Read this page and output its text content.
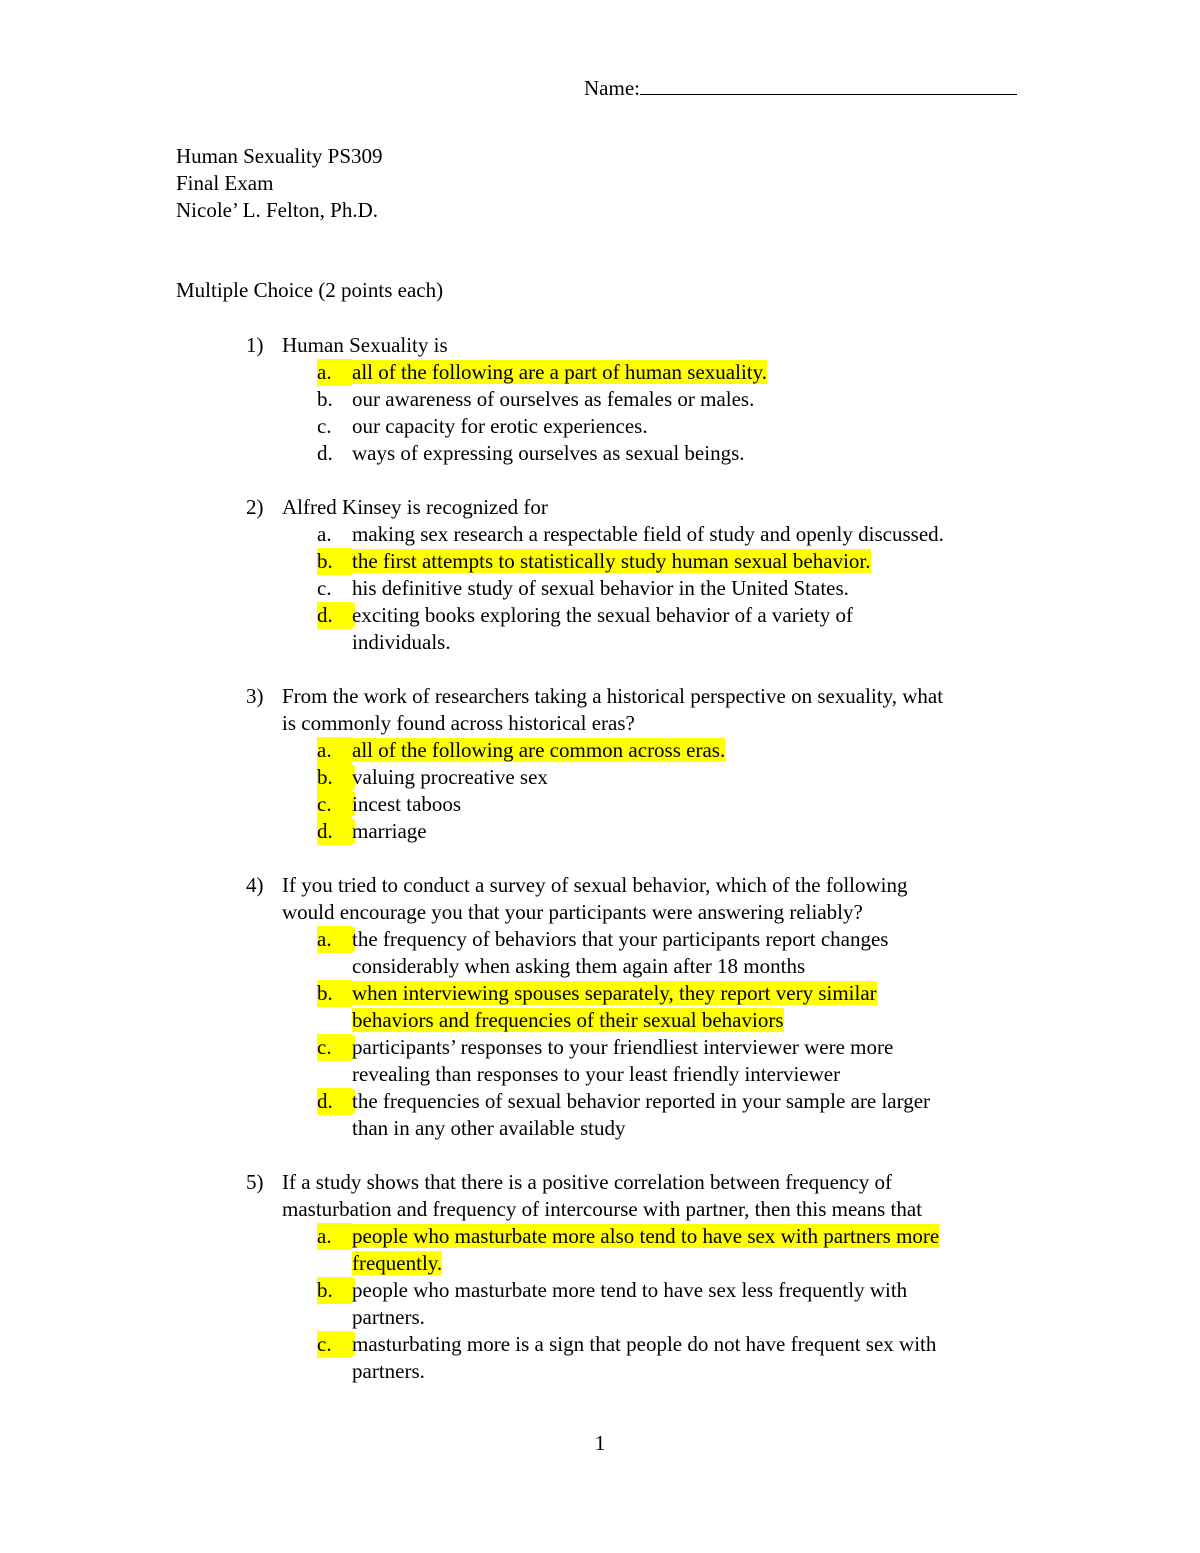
Name:
Human Sexuality PS309
Final Exam
Nicole’ L. Felton, Ph.D.
Multiple Choice (2 points each)
1) Human Sexuality is
a. all of the following are a part of human sexuality.
b. our awareness of ourselves as females or males.
c. our capacity for erotic experiences.
d. ways of expressing ourselves as sexual beings.
2) Alfred Kinsey is recognized for
a. making sex research a respectable field of study and openly discussed.
b. the first attempts to statistically study human sexual behavior.
c. his definitive study of sexual behavior in the United States.
d. exciting books exploring the sexual behavior of a variety of
individuals.
3) From the work of researchers taking a historical perspective on sexuality, what
is commonly found across historical eras?
a. all of the following are common across eras.
b. valuing procreative sex
c. incest taboos
d. marriage
4) If you tried to conduct a survey of sexual behavior, which of the following
would encourage you that your participants were answering reliably?
a. the frequency of behaviors that your participants report changes
considerably when asking them again after 18 months
b. when interviewing spouses separately, they report very similar
behaviors and frequencies of their sexual behaviors
c. participants’ responses to your friendliest interviewer were more
revealing than responses to your least friendly interviewer
d. the frequencies of sexual behavior reported in your sample are larger
than in any other available study
5) If a study shows that there is a positive correlation between frequency of
masturbation and frequency of intercourse with partner, then this means that
a. people who masturbate more also tend to have sex with partners more
frequently.
b. people who masturbate more tend to have sex less frequently with
partners.
c. masturbating more is a sign that people do not have frequent sex with
partners.
1
